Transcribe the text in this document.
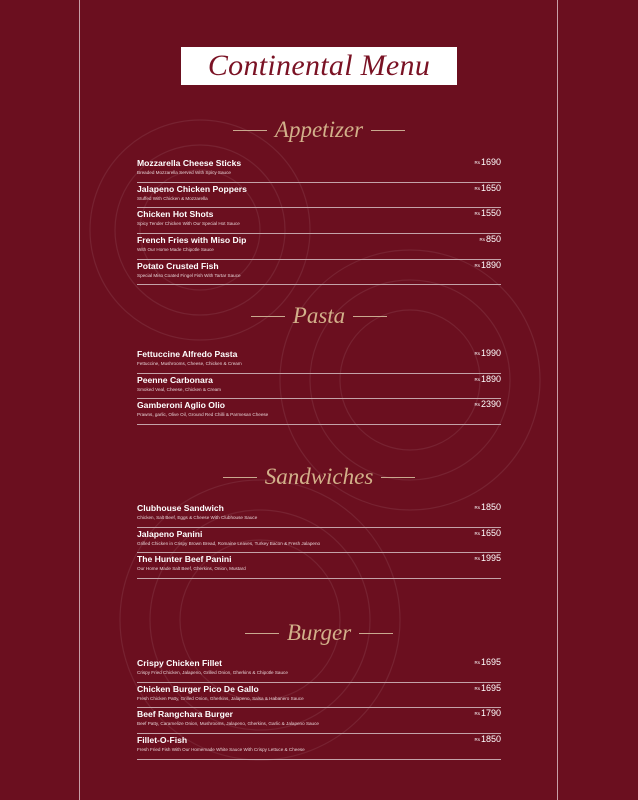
Continental Menu
Appetizer
Mozzarella Cheese Sticks
Breaded Mozzarella Served With Spicy Sauce
Rs1690
Jalapeno Chicken Poppers
Stuffed With Chicken & Mozzarella
Rs1650
Chicken Hot Shots
Spicy Tender Chicken With Our Special Hot Sauce
Rs1550
French Fries with Miso Dip
With Our Home Made Chipotle Sauce
Rs850
Potato Crusted Fish
Special Miso Coated Fingel Fish With Tartar Sauce
Rs1890
Pasta
Fettuccine Alfredo Pasta
Fettuccine, Mushrooms, Cheese, Chicken & Cream
Rs1990
Peenne Carbonara
Smoked Veal, Cheese, Chicken & Cream
Rs1890
Gamberoni Aglio Olio
Prawns, garlic, Olive Oil, Ground Red Chilli & Parmesan Cheese
Rs2390
Sandwiches
Clubhouse Sandwich
Chicken, Salt Beef, Eggs & Cheese With Clubhouse Sauce
Rs1850
Jalapeno Panini
Grilled Chicken in Crispy Brown Bread, Romaine Leaves, Turkey Bacon & Fresh Jalapeno
Rs1650
The Hunter Beef Panini
Our Home Made Salt Beef, Gherkins, Onion, Mustard
Rs1995
Burger
Crispy Chicken Fillet
Crispy Fried Chicken, Jalapeno, Grilled Onion, Gherkins & Chipotle Sauce
Rs1695
Chicken Burger Pico De Gallo
Fresh Chicken Patty, Grilled Onion, Gherkins, Jalapeno, Salsa & Habanero Sauce
Rs1695
Beef Rangchara Burger
Beef Patty, Caramelize Onion, Mushrooms, Jalapeno, Gherkins, Garlic & Jalapeno Sauce
Rs1790
Fillet-O-Fish
Fresh Fried Fish With Our Homemade White Sauce With Crispy Lettuce & Cheese
Rs1850
